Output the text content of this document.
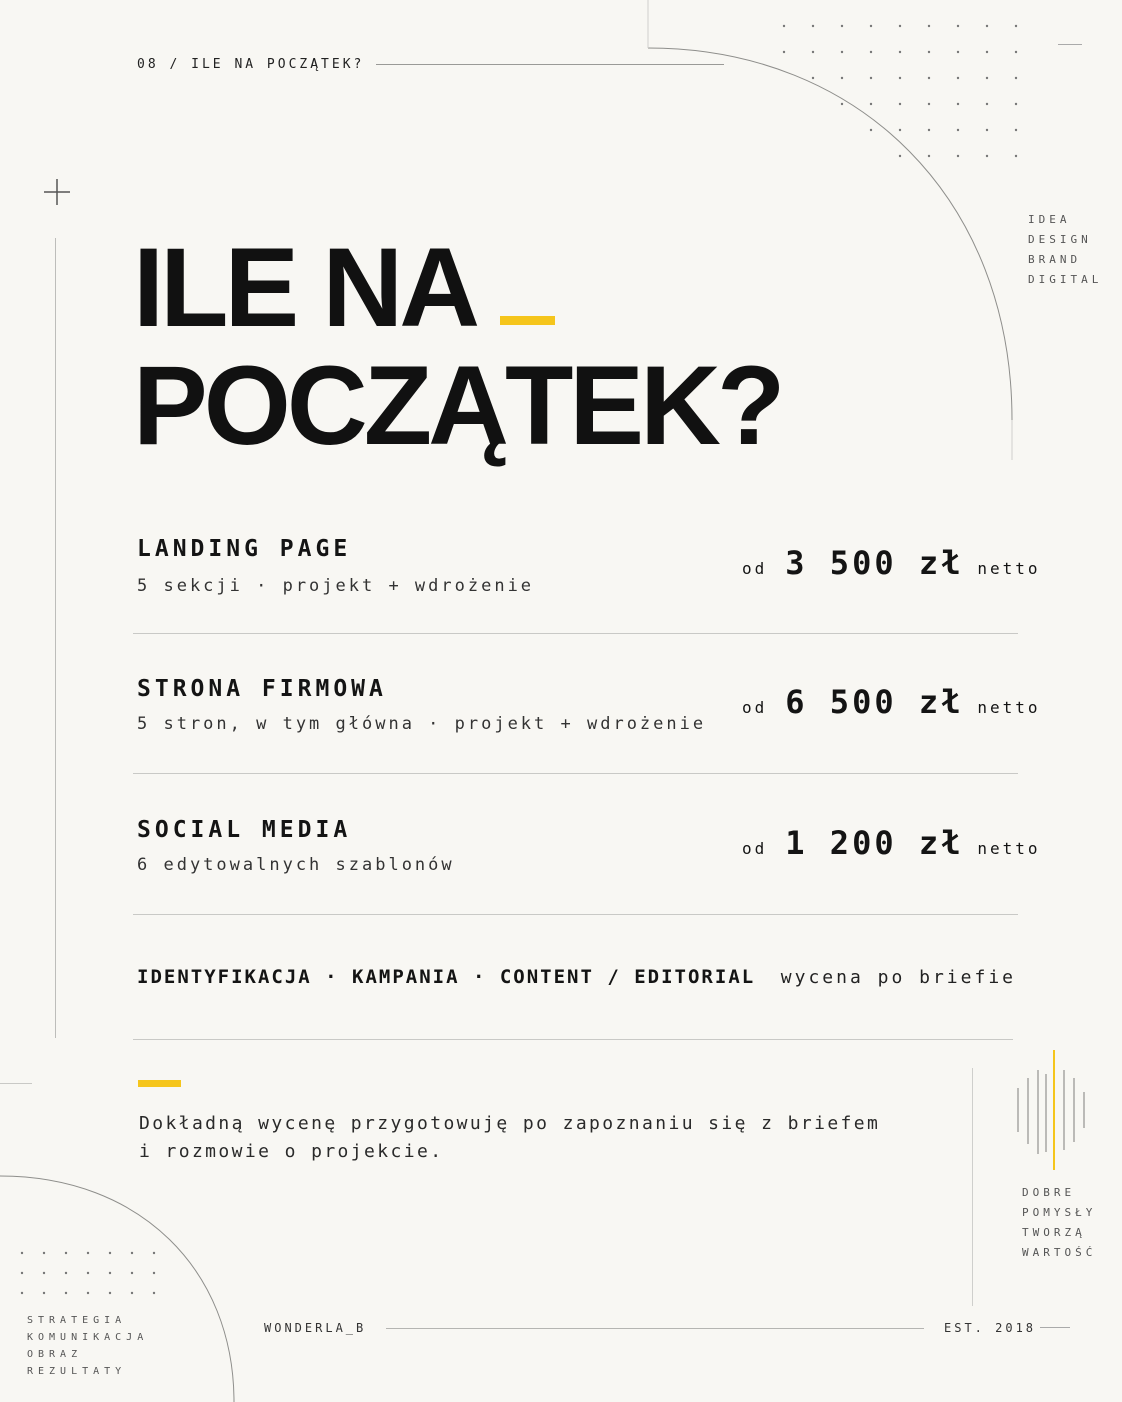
08 / ILE NA POCZĄTEK?
IDEA
DESIGN
BRAND
DIGITAL
ILE NA
POCZĄTEK?
LANDING PAGE
5 sekcji · projekt + wdrożenie
od 3 500 zł netto
STRONA FIRMOWA
5 stron, w tym główna · projekt + wdrożenie
od 6 500 zł netto
SOCIAL MEDIA
6 edytowalnych szablonów
od 1 200 zł netto
IDENTYFIKACJA · KAMPANIA · CONTENT / EDITORIAL wycena po briefie
Dokładną wycenę przygotowuję po zapoznaniu się z briefem
i rozmowie o projekcie.
DOBRE
POMYSŁY
TWORZĄ
WARTOŚĆ
STRATEGIA
KOMUNIKACJA
OBRAZ
REZULTATY
WONDERLA_B	EST. 2018
